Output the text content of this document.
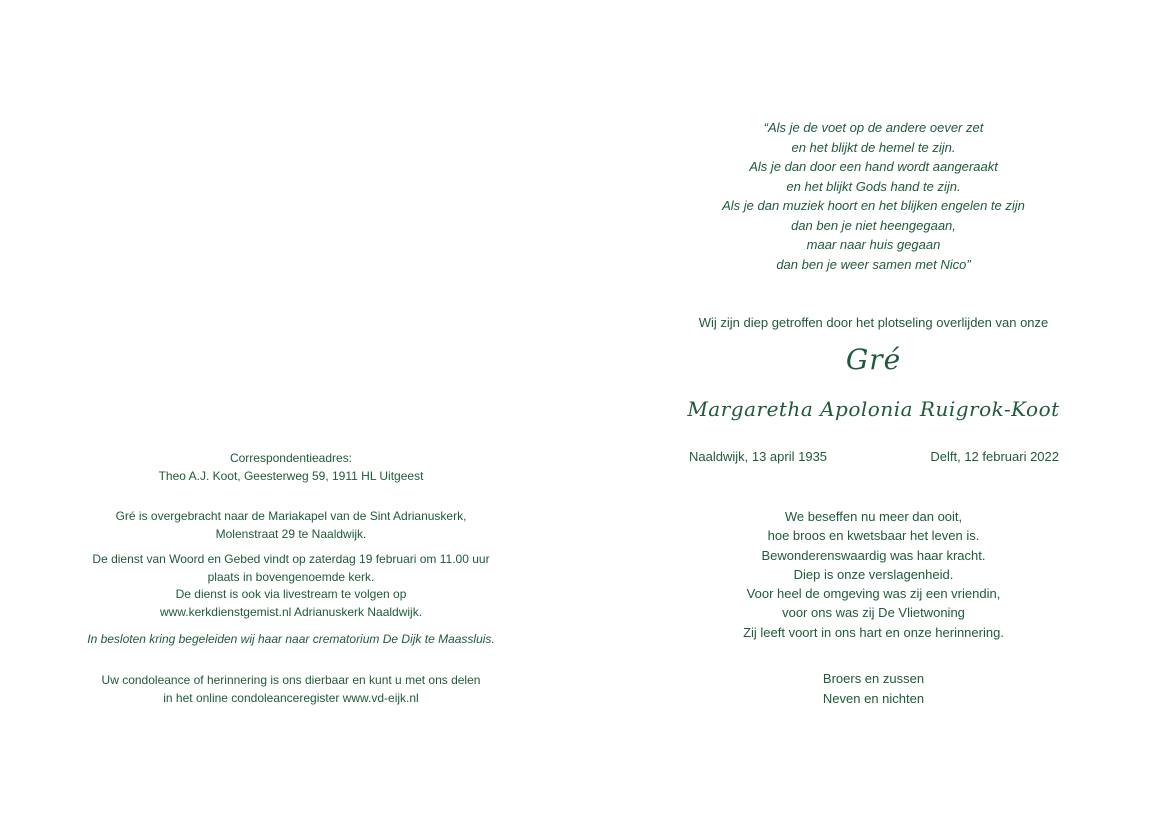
Correspondentieadres:
Theo A.J. Koot, Geesterweg 59, 1911 HL Uitgeest
Gré is overgebracht naar de Mariakapel van de Sint Adrianuskerk,
Molenstraat 29 te Naaldwijk.
De dienst van Woord en Gebed vindt op zaterdag 19 februari om 11.00 uur
plaats in bovengenoemde kerk.
De dienst is ook via livestream te volgen op
www.kerkdienstgemist.nl Adrianuskerk Naaldwijk.
In besloten kring begeleiden wij haar naar crematorium De Dijk te Maassluis.
Uw condoleance of herinnering is ons dierbaar en kunt u met ons delen
in het online condoleanceregister www.vd-eijk.nl
“Als je de voet op de andere oever zet
en het blijkt de hemel te zijn.
Als je dan door een hand wordt aangeraakt
en het blijkt Gods hand te zijn.
Als je dan muziek hoort en het blijken engelen te zijn
dan ben je niet heengegaan,
maar naar huis gegaan
dan ben je weer samen met Nico”
Wij zijn diep getroffen door het plotseling overlijden van onze
Gré
Margaretha Apolonia Ruigrok-Koot
Naaldwijk, 13 april 1935	Delft, 12 februari 2022
We beseffen nu meer dan ooit,
hoe broos en kwetsbaar het leven is.
Bewonderenswaardig was haar kracht.
Diep is onze verslagenheid.
Voor heel de omgeving was zij een vriendin,
voor ons was zij De Vlietwoning
Zij leeft voort in ons hart en onze herinnering.
Broers en zussen
Neven en nichten
